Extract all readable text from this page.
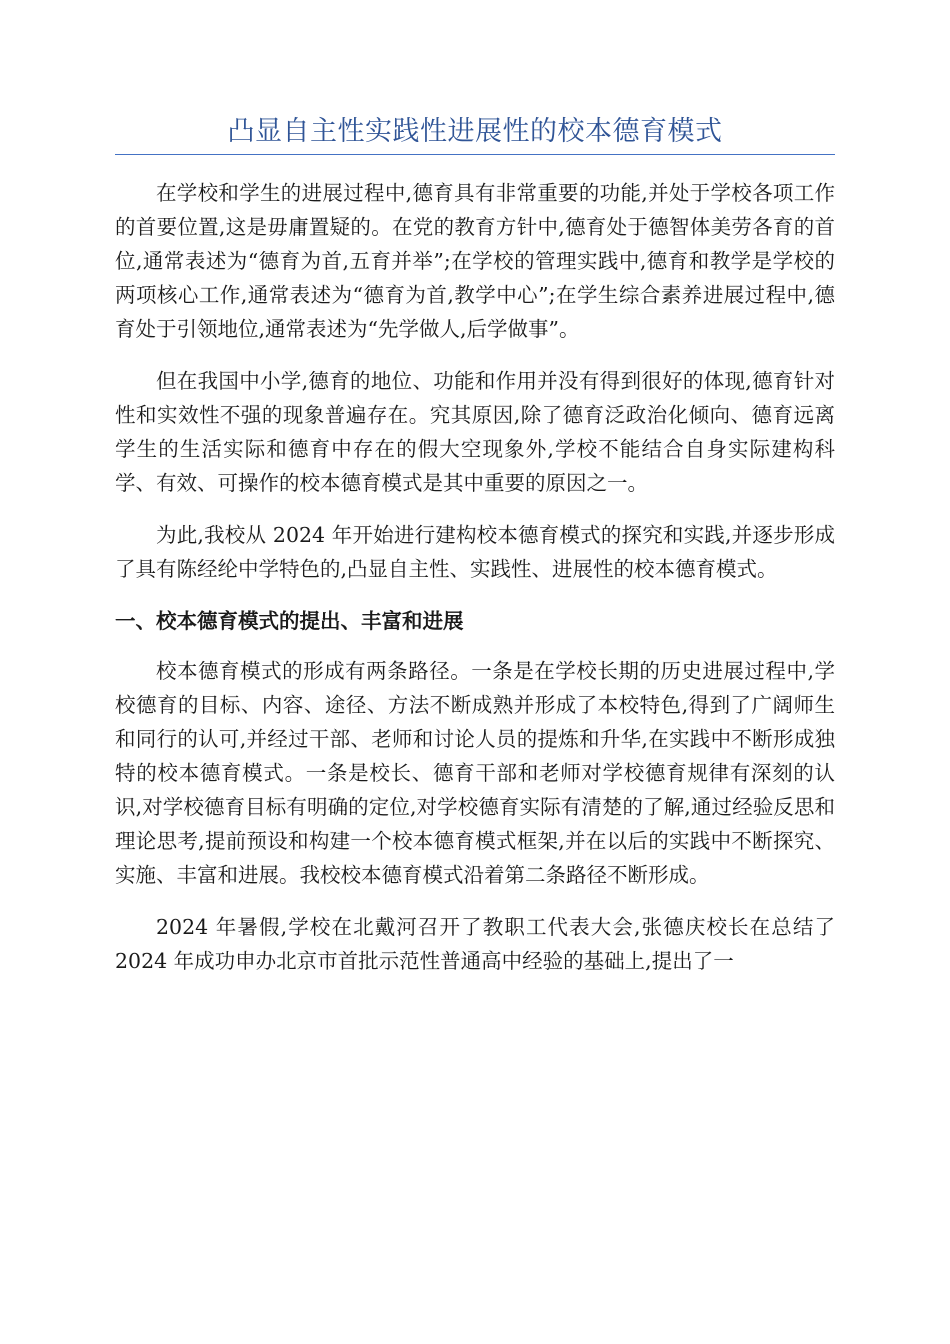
凸显自主性实践性进展性的校本德育模式

在学校和学生的进展过程中,德育具有非常重要的功能,并处于学校各项工作的首要位置,这是毋庸置疑的。在党的教育方针中,德育处于德智体美劳各育的首位,通常表述为“德育为首,五育并举”;在学校的管理实践中,德育和教学是学校的两项核心工作,通常表述为“德育为首,教学中心”;在学生综合素养进展过程中,德育处于引领地位,通常表述为“先学做人,后学做事”。

但在我国中小学,德育的地位、功能和作用并没有得到很好的体现,德育针对性和实效性不强的现象普遍存在。究其原因,除了德育泛政治化倾向、德育远离学生的生活实际和德育中存在的假大空现象外,学校不能结合自身实际建构科学、有效、可操作的校本德育模式是其中重要的原因之一。

为此,我校从 2024 年开始进行建构校本德育模式的探究和实践,并逐步形成了具有陈经纶中学特色的,凸显自主性、实践性、进展性的校本德育模式。

一、校本德育模式的提出、丰富和进展

校本德育模式的形成有两条路径。一条是在学校长期的历史进展过程中,学校德育的目标、内容、途径、方法不断成熟并形成了本校特色,得到了广阔师生和同行的认可,并经过干部、老师和讨论人员的提炼和升华,在实践中不断形成独特的校本德育模式。一条是校长、德育干部和老师对学校德育规律有深刻的认识,对学校德育目标有明确的定位,对学校德育实际有清楚的了解,通过经验反思和理论思考,提前预设和构建一个校本德育模式框架,并在以后的实践中不断探究、实施、丰富和进展。我校校本德育模式沿着第二条路径不断形成。

2024 年暑假,学校在北戴河召开了教职工代表大会,张德庆校长在总结了 2024 年成功申办北京市首批示范性普通高中经验的基础上,提出了一
